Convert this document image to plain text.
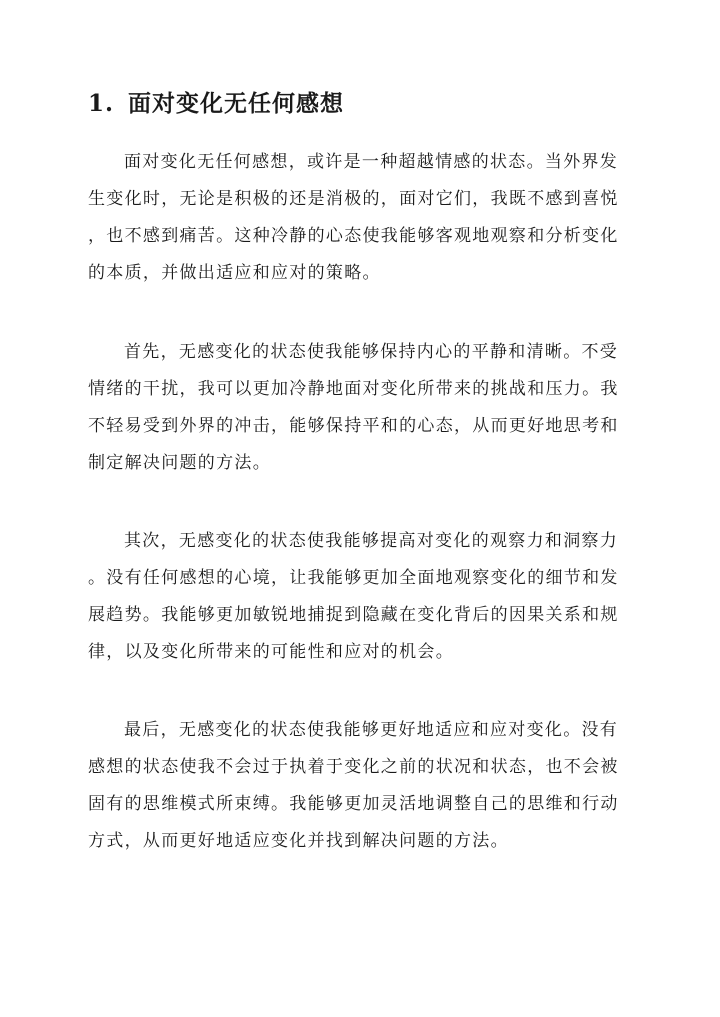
1. 面对变化无任何感想
面对变化无任何感想，或许是一种超越情感的状态。当外界发
生变化时，无论是积极的还是消极的，面对它们，我既不感到喜悦
，也不感到痛苦。这种冷静的心态使我能够客观地观察和分析变化
的本质，并做出适应和应对的策略。
首先，无感变化的状态使我能够保持内心的平静和清晰。不受
情绪的干扰，我可以更加冷静地面对变化所带来的挑战和压力。我
不轻易受到外界的冲击，能够保持平和的心态，从而更好地思考和
制定解决问题的方法。
其次，无感变化的状态使我能够提高对变化的观察力和洞察力
。没有任何感想的心境，让我能够更加全面地观察变化的细节和发
展趋势。我能够更加敏锐地捕捉到隐藏在变化背后的因果关系和规
律，以及变化所带来的可能性和应对的机会。
最后，无感变化的状态使我能够更好地适应和应对变化。没有
感想的状态使我不会过于执着于变化之前的状况和状态，也不会被
固有的思维模式所束缚。我能够更加灵活地调整自己的思维和行动
方式，从而更好地适应变化并找到解决问题的方法。
